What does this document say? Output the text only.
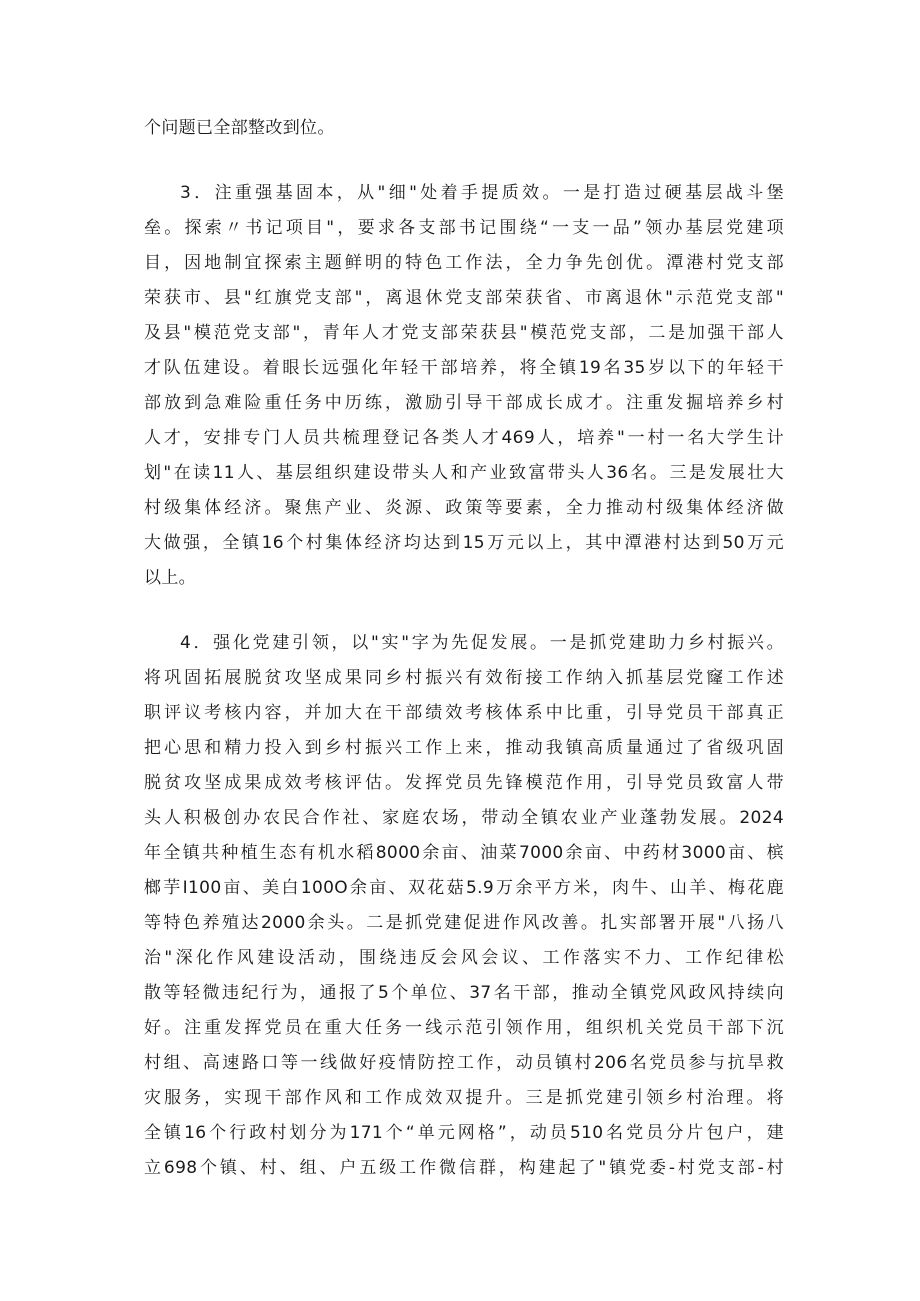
个问题已全部整改到位。

3．注重强基固本，从"细"处着手提质效。一是打造过硬基层战斗堡

垒。探索〃书记项目"，要求各支部书记围绕“一支一品”领办基层党建项

目，因地制宜探索主题鲜明的特色工作法，全力争先创优。潭港村党支部

荣获市、县"红旗党支部"，离退休党支部荣获省、市离退休"示范党支部"

及县"模范党支部"，青年人才党支部荣获县"模范党支部，二是加强干部人

才队伍建设。着眼长远强化年轻干部培养，将全镇19名35岁以下的年轻干

部放到急难险重任务中历练，激励引导干部成长成才。注重发掘培养乡村

人才，安排专门人员共梳理登记各类人才469人，培养"一村一名大学生计

划"在读11人、基层组织建设带头人和产业致富带头人36名。三是发展壮大

村级集体经济。聚焦产业、炎源、政策等要素，全力推动村级集体经济做

大做强，全镇16个村集体经济均达到15万元以上，其中潭港村达到50万元

以上。

4．强化党建引领，以"实"字为先促发展。一是抓党建助力乡村振兴。

将巩固拓展脱贫攻坚成果同乡村振兴有效衔接工作纳入抓基层党窿工作述

职评议考核内容，并加大在干部绩效考核体系中比重，引导党员干部真正

把心思和精力投入到乡村振兴工作上来，推动我镇高质量通过了省级巩固

脱贫攻坚成果成效考核评估。发挥党员先锋模范作用，引导党员致富人带

头人积极创办农民合作社、家庭农场，带动全镇农业产业蓬勃发展。2024

年全镇共种植生态有机水稻8000余亩、油菜7000余亩、中药材3000亩、槟

榔芋I100亩、美白100O余亩、双花菇5.9万余平方米，肉牛、山羊、梅花鹿

等特色养殖达2000余头。二是抓党建促进作风改善。扎实部署开展"八扬八

治"深化作风建设活动，围绕违反会风会议、工作落实不力、工作纪律松

散等轻微违纪行为，通报了5个单位、37名干部，推动全镇党风政风持续向

好。注重发挥党员在重大任务一线示范引领作用，组织机关党员干部下沉

村组、高速路口等一线做好疫情防控工作，动员镇村206名党员参与抗旱救

灾服务，实现干部作风和工作成效双提升。三是抓党建引领乡村治理。将

全镇16个行政村划分为171个“单元网格”，动员510名党员分片包户，建

立698个镇、村、组、户五级工作微信群，构建起了"镇党委-村党支部-村
